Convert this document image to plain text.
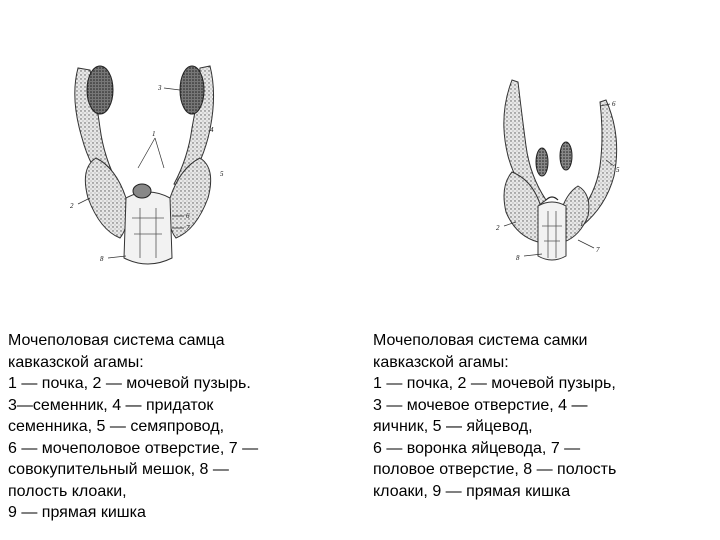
1
2
3
4
5
6
7
8
1
2
5
6
7
8
Мочеполовая система самца
кавказской агамы:
1 — почка, 2 — мочевой пузырь.
3—семенник, 4 — придаток
семенника, 5 — семяпровод,
6 — мочеполовое отверстие, 7 —
совокупительный мешок, 8 —
полость клоаки,
9 — прямая кишка
Мочеполовая система самки
кавказской агамы:
1 — почка, 2 — мочевой пузырь,
3 — мочевое отверстие, 4 —
яичник, 5 — яйцевод,
6 — воронка яйцевода, 7 —
половое отверстие, 8 — полость
клоаки, 9 — прямая кишка
